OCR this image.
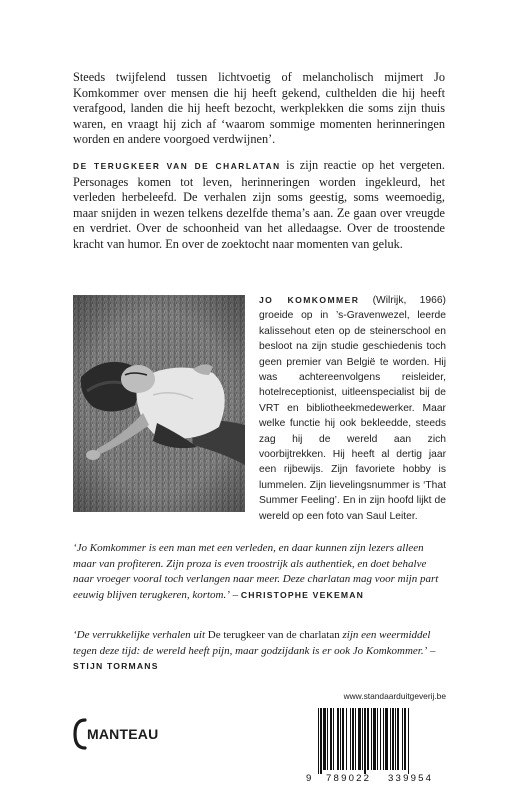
Steeds twijfelend tussen lichtvoetig of melancholisch mijmert Jo Komkommer over mensen die hij heeft gekend, culthelden die hij heeft verafgood, landen die hij heeft bezocht, werkplekken die soms zijn thuis waren, en vraagt hij zich af ‘waarom sommige momenten herinneringen worden en andere voorgoed verdwijnen’.

DE TERUGKEER VAN DE CHARLATAN is zijn reactie op het vergeten. Personages komen tot leven, herinneringen worden ingekleurd, het verleden herbeleefd. De verhalen zijn soms geestig, soms weemoedig, maar snijden in wezen telkens dezelfde thema’s aan. Ze gaan over vreugde en verdriet. Over de schoonheid van het alledaagse. Over de troostende kracht van humor. En over de zoektocht naar momenten van geluk.

JO KOMKOMMER (Wilrijk, 1966) groeide op in ’s-Gravenwezel, leerde kalissehout eten op de steinerschool en besloot na zijn studie geschiedenis toch geen premier van België te worden. Hij was achtereenvolgens reisleider, hotelreceptionist, uitleenspecialist bij de VRT en bibliotheekmedewerker. Maar welke functie hij ook bekleedde, steeds zag hij de wereld aan zich voorbijtrekken. Hij heeft al dertig jaar een rijbewijs. Zijn favoriete hobby is lummelen. Zijn lievelingsnummer is ‘That Summer Feeling’. En in zijn hoofd lijkt de wereld op een foto van Saul Leiter.
‘Jo Komkommer is een man met een verleden, en daar kunnen zijn lezers alleen maar van profiteren. Zijn proza is even troostrijk als authentiek, en doet behalve naar vroeger vooral toch verlangen naar meer. Deze charlatan mag voor mijn part eeuwig blijven terugkeren, kortom.’ – CHRISTOPHE VEKEMAN
‘De verrukkelijke verhalen uit De terugkeer van de charlatan zijn een weermiddel tegen deze tijd: de wereld heeft pijn, maar godzijdank is er ook Jo Komkommer.’ – STIJN TORMANS
MANTEAU
www.standaarduitgeverij.be
9 789022 339954
